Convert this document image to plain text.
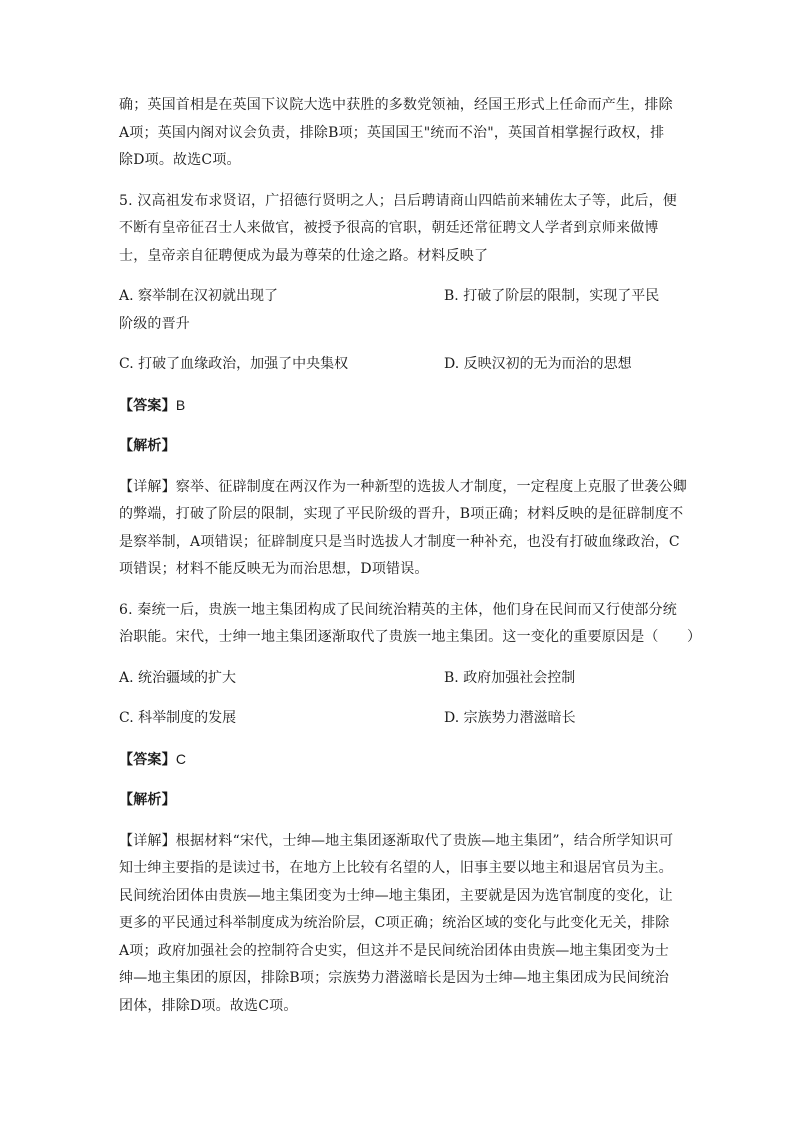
确；英国首相是在英国下议院大选中获胜的多数党领袖，经国王形式上任命而产生，排除
A项；英国内阁对议会负责，排除B项；英国国王"统而不治"，英国首相掌握行政权，排
除D项。故选C项。
5. 汉高祖发布求贤诏，广招德行贤明之人；吕后聘请商山四皓前来辅佐太子等，此后，便
不断有皇帝征召士人来做官，被授予很高的官职，朝廷还常征聘文人学者到京师来做博
士，皇帝亲自征聘便成为最为尊荣的仕途之路。材料反映了
A. 察举制在汉初就出现了	B. 打破了阶层的限制，实现了平民
阶级的晋升
C. 打破了血缘政治，加强了中央集权	D. 反映汉初的无为而治的思想
【答案】B
【解析】
【详解】察举、征辟制度在两汉作为一种新型的选拔人才制度，一定程度上克服了世袭公卿
的弊端，打破了阶层的限制，实现了平民阶级的晋升，B项正确；材料反映的是征辟制度不
是察举制，A项错误；征辟制度只是当时选拔人才制度一种补充，也没有打破血缘政治，C
项错误；材料不能反映无为而治思想，D项错误。
6. 秦统一后，贵族一地主集团构成了民间统治精英的主体，他们身在民间而又行使部分统
治职能。宋代，士绅一地主集团逐渐取代了贵族一地主集团。这一变化的重要原因是（　　）
A. 统治疆域的扩大	B. 政府加强社会控制
C. 科举制度的发展	D. 宗族势力潜滋暗长
【答案】C
【解析】
【详解】根据材料“宋代，士绅—地主集团逐渐取代了贵族—地主集团”，结合所学知识可
知士绅主要指的是读过书，在地方上比较有名望的人，旧事主要以地主和退居官员为主。
民间统治团体由贵族—地主集团变为士绅—地主集团，主要就是因为选官制度的变化，让
更多的平民通过科举制度成为统治阶层，C项正确；统治区域的变化与此变化无关，排除
A项；政府加强社会的控制符合史实，但这并不是民间统治团体由贵族—地主集团变为士
绅—地主集团的原因，排除B项；宗族势力潜滋暗长是因为士绅—地主集团成为民间统治
团体，排除D项。故选C项。
